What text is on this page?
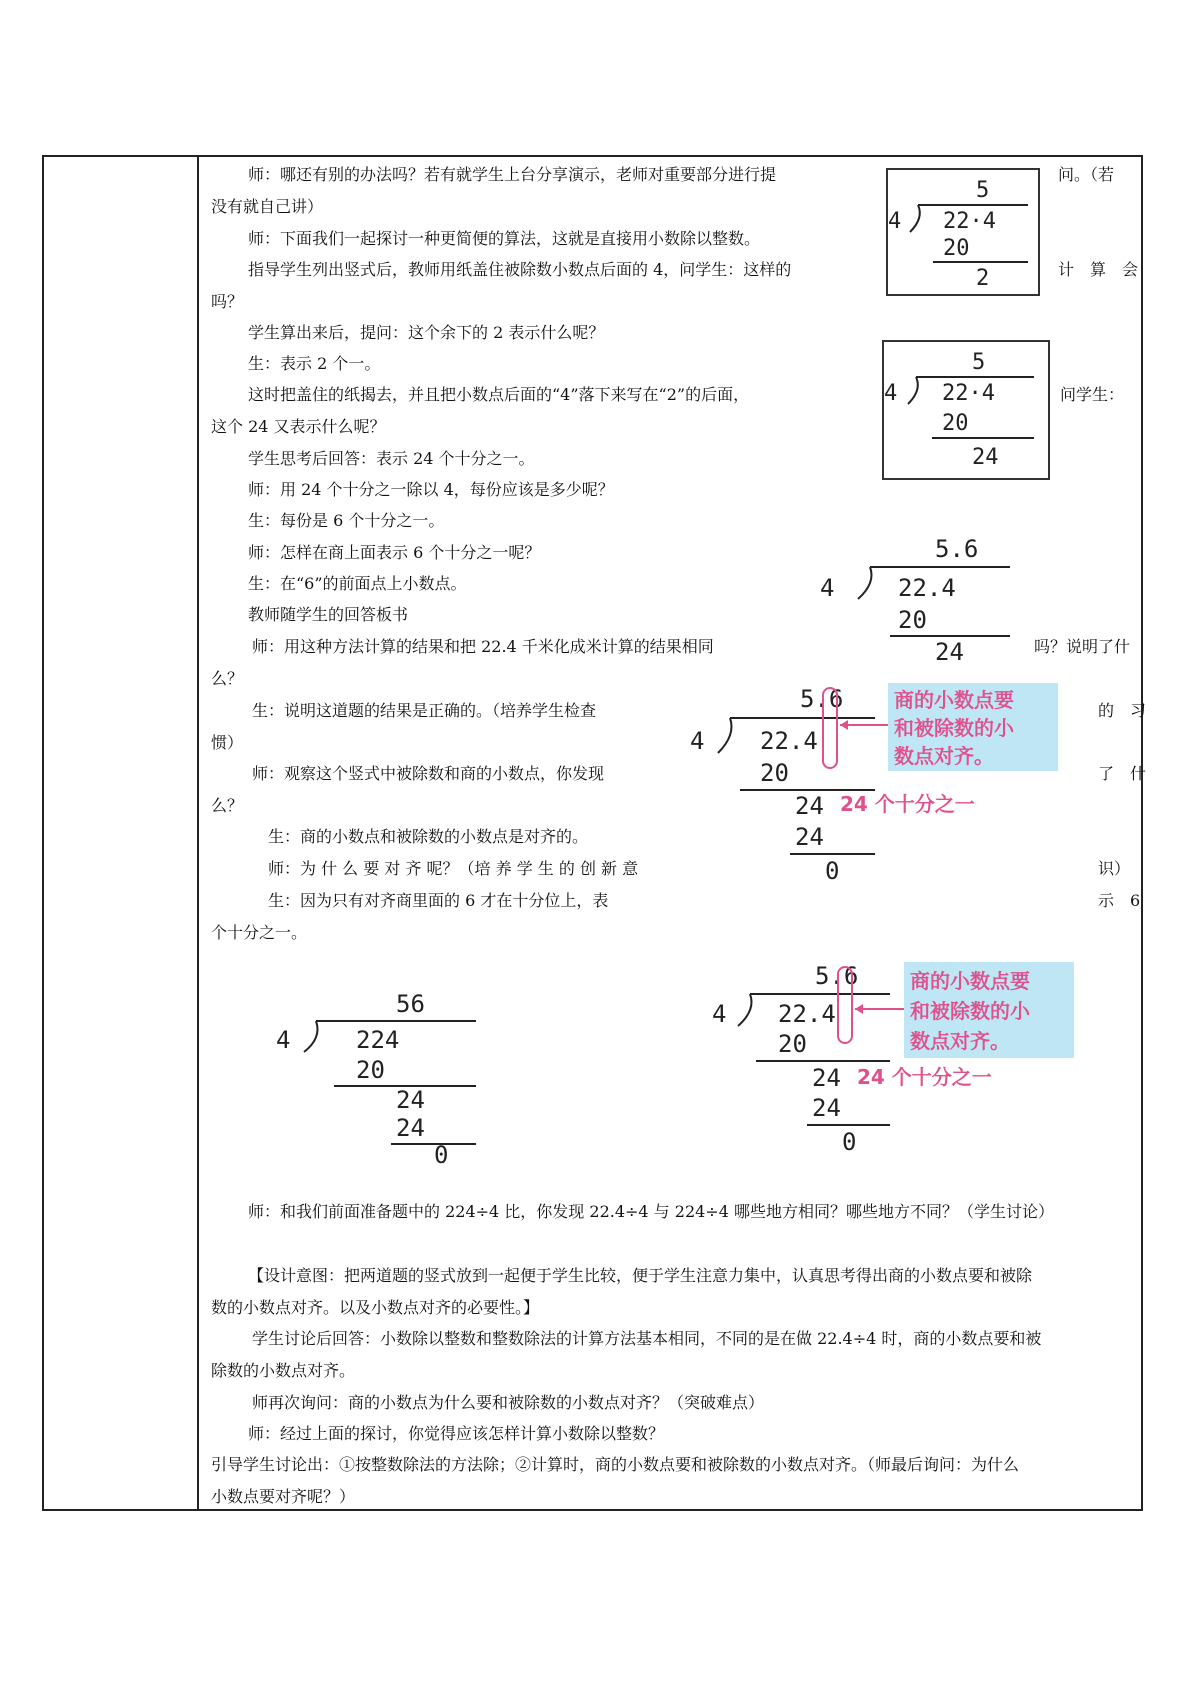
师：哪还有别的办法吗？若有就学生上台分享演示，老师对重要部分进行提	问。（若
没有就自己讲）
师：下面我们一起探讨一种更简便的算法，这就是直接用小数除以整数。
指导学生列出竖式后，教师用纸盖住被除数小数点后面的 4，问学生：这样的	计　算　会
吗？
学生算出来后，提问：这个余下的 2 表示什么呢？
生：表示 2 个一。
这时把盖住的纸揭去，并且把小数点后面的“4”落下来写在“2”的后面，	问学生：
这个 24 又表示什么呢？
学生思考后回答：表示 24 个十分之一。
师：用 24 个十分之一除以 4，每份应该是多少呢？
生：每份是 6 个十分之一。
师：怎样在商上面表示 6 个十分之一呢？
生：在“6”的前面点上小数点。
教师随学生的回答板书
师：用这种方法计算的结果和把 22.4 千米化成米计算的结果相同	吗？说明了什
么？
生：说明这道题的结果是正确的。（培养学生检查	的　习
惯）
师：观察这个竖式中被除数和商的小数点，你发现	了　什
么？
生：商的小数点和被除数的小数点是对齐的。
师：为 什 么 要 对 齐 呢？（培 养 学 生 的 创 新 意	识）
生：因为只有对齐商里面的 6 才在十分位上，表	示　6
个十分之一。
师：和我们前面准备题中的 224÷4 比，你发现 22.4÷4 与 224÷4 哪些地方相同？哪些地方不同？（学生讨论）
【设计意图：把两道题的竖式放到一起便于学生比较，便于学生注意力集中，认真思考得出商的小数点要和被除
数的小数点对齐。以及小数点对齐的必要性。】
学生讨论后回答：小数除以整数和整数除法的计算方法基本相同，不同的是在做 22.4÷4 时，商的小数点要和被
除数的小数点对齐。
师再次询问：商的小数点为什么要和被除数的小数点对齐？（突破难点）
师：经过上面的探讨，你觉得应该怎样计算小数除以整数？
引导学生讨论出：①按整数除法的方法除；②计算时，商的小数点要和被除数的小数点对齐。（师最后询问：为什么
小数点要对齐呢？）
5
4 22·4
20
2
5
4 22·4
20
24
5.6
4	22.4
20
24
5.6
4 22.4
20
24 24 个十分之一
24
0
商的小数点要
和被除数的小
数点对齐。
56
4	224
20
24
24
0
5.6
4 22.4
20
24 24 个十分之一
24
0
商的小数点要
和被除数的小
数点对齐。
